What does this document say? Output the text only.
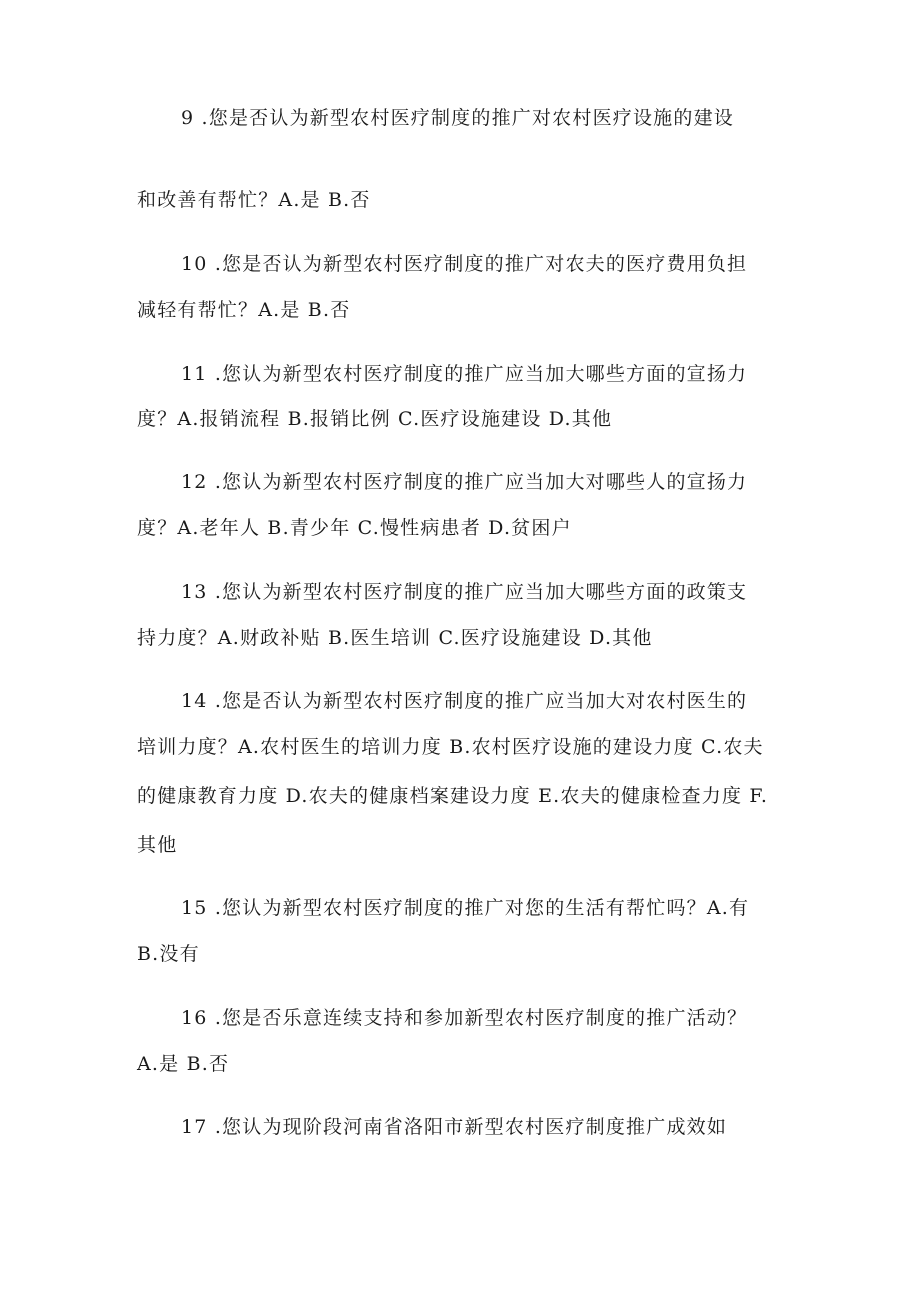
9 .您是否认为新型农村医疗制度的推广对农村医疗设施的建设
和改善有帮忙？A.是 B.否
10 .您是否认为新型农村医疗制度的推广对农夫的医疗费用负担
减轻有帮忙？A.是 B.否
11 .您认为新型农村医疗制度的推广应当加大哪些方面的宣扬力
度？A.报销流程 B.报销比例 C.医疗设施建设 D.其他
12 .您认为新型农村医疗制度的推广应当加大对哪些人的宣扬力
度？A.老年人 B.青少年 C.慢性病患者 D.贫困户
13 .您认为新型农村医疗制度的推广应当加大哪些方面的政策支
持力度？A.财政补贴 B.医生培训 C.医疗设施建设 D.其他
14 .您是否认为新型农村医疗制度的推广应当加大对农村医生的
培训力度？A.农村医生的培训力度 B.农村医疗设施的建设力度 C.农夫
的健康教育力度 D.农夫的健康档案建设力度 E.农夫的健康检查力度 F.
其他
15 .您认为新型农村医疗制度的推广对您的生活有帮忙吗？A.有
B.没有
16 .您是否乐意连续支持和参加新型农村医疗制度的推广活动？
A.是 B.否
17 .您认为现阶段河南省洛阳市新型农村医疗制度推广成效如
